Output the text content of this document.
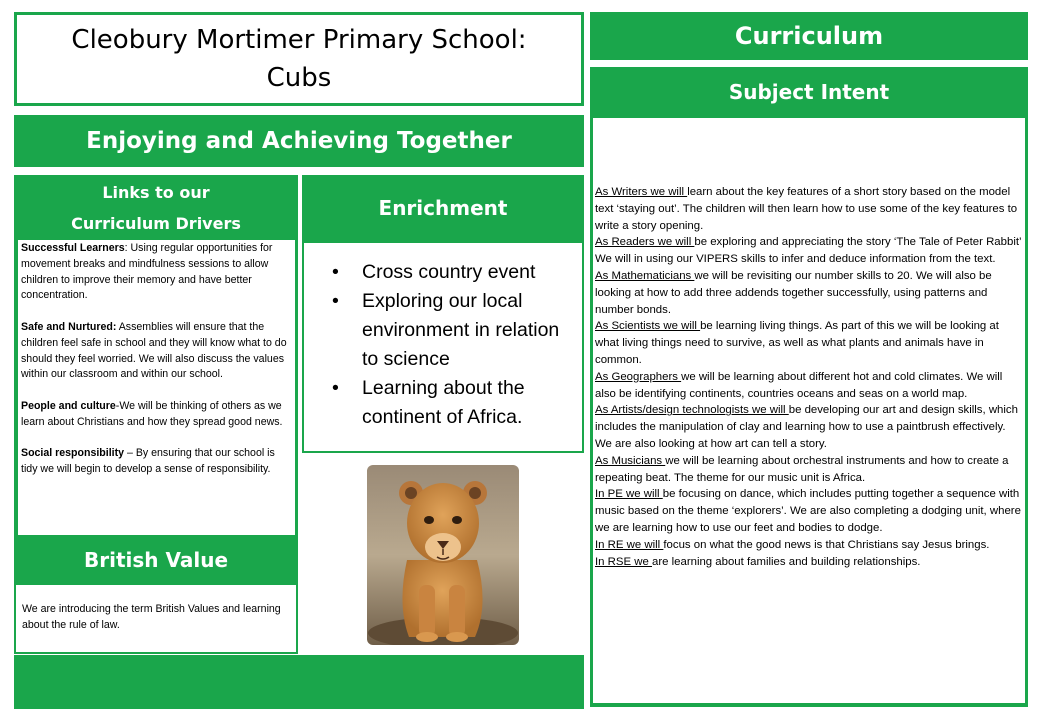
Cleobury Mortimer Primary School: Cubs
Enjoying and Achieving Together
Links to our
Curriculum Drivers

Successful Learners: Using regular opportunities for movement breaks and mindfulness sessions to allow children to improve their memory and have better concentration.

Safe and Nurtured: Assemblies will ensure that the children feel safe in school and they will know what to do should they feel worried. We will also discuss the values within our classroom and within our school.

People and culture-We will be thinking of others as we learn about Christians and how they spread good news.

Social responsibility – By ensuring that our school is tidy we will begin to develop a sense of responsibility.

British Value
We are introducing the term British Values and learning about the rule of law.
Enrichment
• Cross country event
• Exploring our local environment in relation to science
• Learning about the continent of Africa.
Curriculum
Subject Intent

As Writers we will learn about the key features of a short story based on the model text ‘staying out’. The children will then learn how to use some of the key features to write a story opening.

As Readers we will be exploring and appreciating the story ‘The Tale of Peter Rabbit’ We will in using our VIPERS skills to infer and deduce information from the text.

As Mathematicians we will be revisiting our number skills to 20. We will also be looking at how to add three addends together successfully, using patterns and number bonds.

As Scientists we will be learning living things. As part of this we will be looking at what living things need to survive, as well as what plants and animals have in common.

As Geographers we will be learning about different hot and cold climates. We will also be identifying continents, countries oceans and seas on a world map.

As Artists/design technologists we will be developing our art and design skills, which includes the manipulation of clay and learning how to use a paintbrush effectively. We are also looking at how art can tell a story.

As Musicians we will be learning about orchestral instruments and how to create a repeating beat. The theme for our music unit is Africa.

In PE we will be focusing on dance, which includes putting together a sequence with music based on the theme ‘explorers’. We are also completing a dodging unit, where we are learning how to use our feet and bodies to dodge.

In RE we will focus on what the good news is that Christians say Jesus brings.

In RSE we are learning about families and building relationships.
